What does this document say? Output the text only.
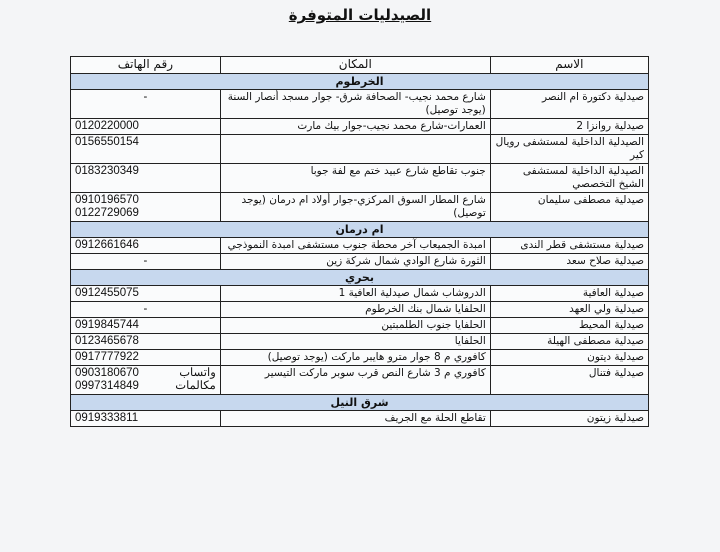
الصيدليات المتوفرة
رقم الهاتف	المكان	الاسم
الخرطوم		

-	شارع محمد نجيب- الصحافة شرق- جوار مسجد أنصار السنة (يوجد توصيل)	صيدلية دكتورة ام النصر

0120220000	العمارات-شارع محمد نجيب-جوار بيك مارت	صيدلية روانزا 2

0156550154		الصيدلية الداخلية لمستشفى رويال كير

0183230349	جنوب تقاطع شارع عبيد ختم مع لفة جوبا	الصيدلية الداخلية لمستشفى الشيخ التخصصي

0910196570
0122729069	شارع المطار السوق المركزي-جوار أولاد ام درمان (يوجد توصيل)	صيدلية مصطفى سليمان
ام درمان		

0912661646	امبدة الجميعاب آخر محطة جنوب مستشفى امبدة النموذجي	صيدلية مستشفى قطر الندى

-	الثورة شارع الوادي شمال شركة زين	صيدلية صلاح سعد
بحري		

0912455075	الدروشاب شمال صيدلية العافية 1	صيدلية العافية

-	الحلفايا شمال بنك الخرطوم	صيدلية ولي العهد

0919845744	الحلفايا جنوب الطلمبتين	صيدلية المحيط

0123465678	الحلفايا	صيدلية مصطفى الهيلة

0917777922	كافوري م 8 جوار مترو هايبر ماركت (يوجد توصيل)	صيدلية ديتون

0903180670 واتساب
0997314849 مكالمات	كافوري م 3 شارع النص قرب سوبر ماركت التيسير	صيدلية فتنال
شرق النيل		

0919333811	تقاطع الحلة مع الجريف	صيدلية زيتون
